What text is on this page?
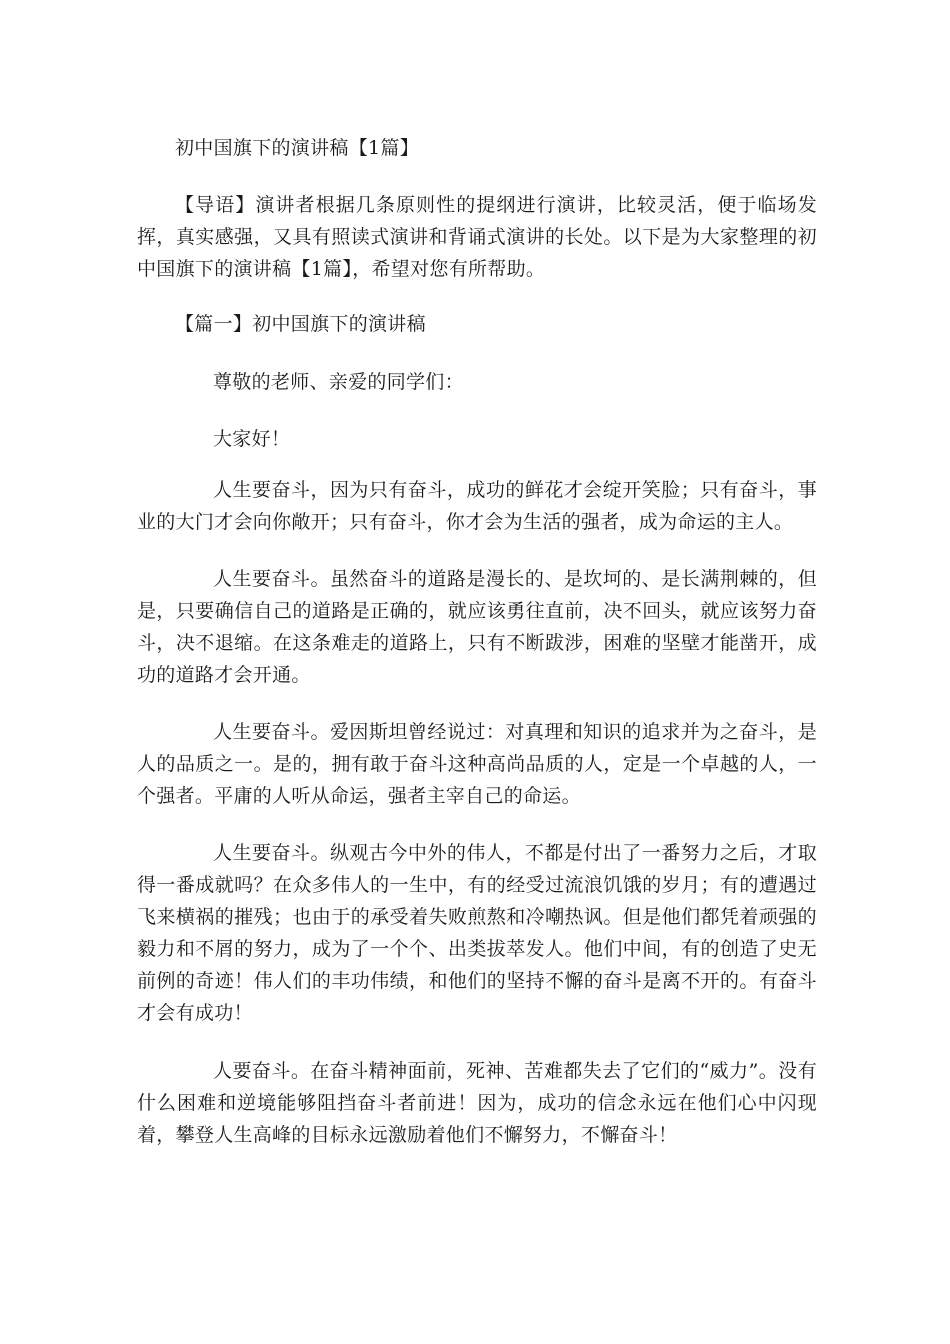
初中国旗下的演讲稿【1篇】
【导语】演讲者根据几条原则性的提纲进行演讲，比较灵活，便于临场发挥，真实感强，又具有照读式演讲和背诵式演讲的长处。以下是为大家整理的初中国旗下的演讲稿【1篇】，希望对您有所帮助。
【篇一】初中国旗下的演讲稿
尊敬的老师、亲爱的同学们：
大家好！
人生要奋斗，因为只有奋斗，成功的鲜花才会绽开笑脸；只有奋斗，事业的大门才会向你敞开；只有奋斗，你才会为生活的强者，成为命运的主人。
人生要奋斗。虽然奋斗的道路是漫长的、是坎坷的、是长满荆棘的，但是，只要确信自己的道路是正确的，就应该勇往直前，决不回头，就应该努力奋斗，决不退缩。在这条难走的道路上，只有不断跋涉，困难的坚壁才能凿开，成功的道路才会开通。
人生要奋斗。爱因斯坦曾经说过：对真理和知识的追求并为之奋斗，是人的品质之一。是的，拥有敢于奋斗这种高尚品质的人，定是一个卓越的人，一个强者。平庸的人听从命运，强者主宰自己的命运。
人生要奋斗。纵观古今中外的伟人，不都是付出了一番努力之后，才取得一番成就吗？在众多伟人的一生中，有的经受过流浪饥饿的岁月；有的遭遇过飞来横祸的摧残；也由于的承受着失败煎熬和冷嘲热讽。但是他们都凭着顽强的毅力和不屑的努力，成为了一个个、出类拔萃发人。他们中间，有的创造了史无前例的奇迹！伟人们的丰功伟绩，和他们的坚持不懈的奋斗是离不开的。有奋斗才会有成功！
人要奋斗。在奋斗精神面前，死神、苦难都失去了它们的“威力”。没有什么困难和逆境能够阻挡奋斗者前进！因为，成功的信念永远在他们心中闪现着，攀登人生高峰的目标永远激励着他们不懈努力，不懈奋斗！
